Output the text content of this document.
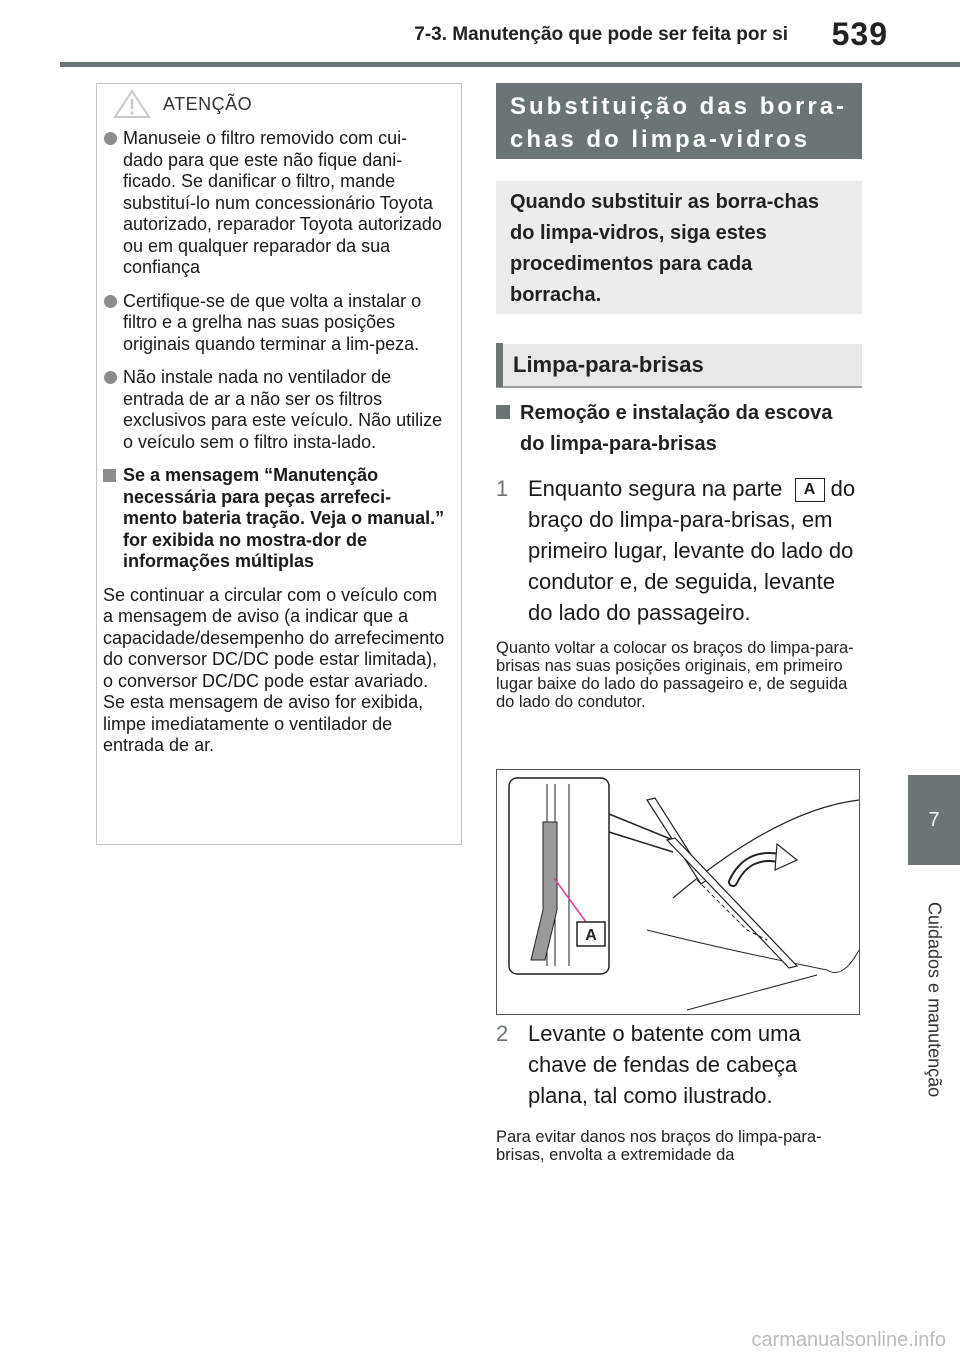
7-3. Manutenção que pode ser feita por si 539
7
Cuidados e manutenção
ATENÇÃO
Manuseie o filtro removido com cui-dado para que este não fique dani-ficado. Se danificar o filtro, mande substituí-lo num concessionário Toyota autorizado, reparador Toyota autorizado ou em qualquer reparador da sua confiança
Certifique-se de que volta a instalar o filtro e a grelha nas suas posições originais quando terminar a lim-peza.
Não instale nada no ventilador de entrada de ar a não ser os filtros exclusivos para este veículo. Não utilize o veículo sem o filtro insta-lado.
Se a mensagem “Manutenção necessária para peças arrefeci-mento bateria tração. Veja o manual.” for exibida no mostra-dor de informações múltiplas

Se continuar a circular com o veículo com a mensagem de aviso (a indicar que a capacidade/desempenho do arrefecimento do conversor DC/DC pode estar limitada), o conversor DC/DC pode estar avariado. Se esta mensagem de aviso for exibida, limpe imediatamente o ventilador de entrada de ar.

Substituição das borra-chas do limpa-vidros
Quando substituir as borra-chas do limpa-vidros, siga estes procedimentos para cada borracha.
Limpa-para-brisas
Remoção e instalação da escova do limpa-para-brisas
1 Enquanto segura na parte A do braço do limpa-para-brisas, em primeiro lugar, levante do lado do condutor e, de seguida, levante do lado do passageiro.
Quanto voltar a colocar os braços do limpa-para-brisas nas suas posições originais, em primeiro lugar baixe do lado do passageiro e, de seguida do lado do condutor.
A
2 Levante o batente com uma chave de fendas de cabeça plana, tal como ilustrado.
Para evitar danos nos braços do limpa-para-brisas, envolta a extremidade da
carmanualsonline.info
